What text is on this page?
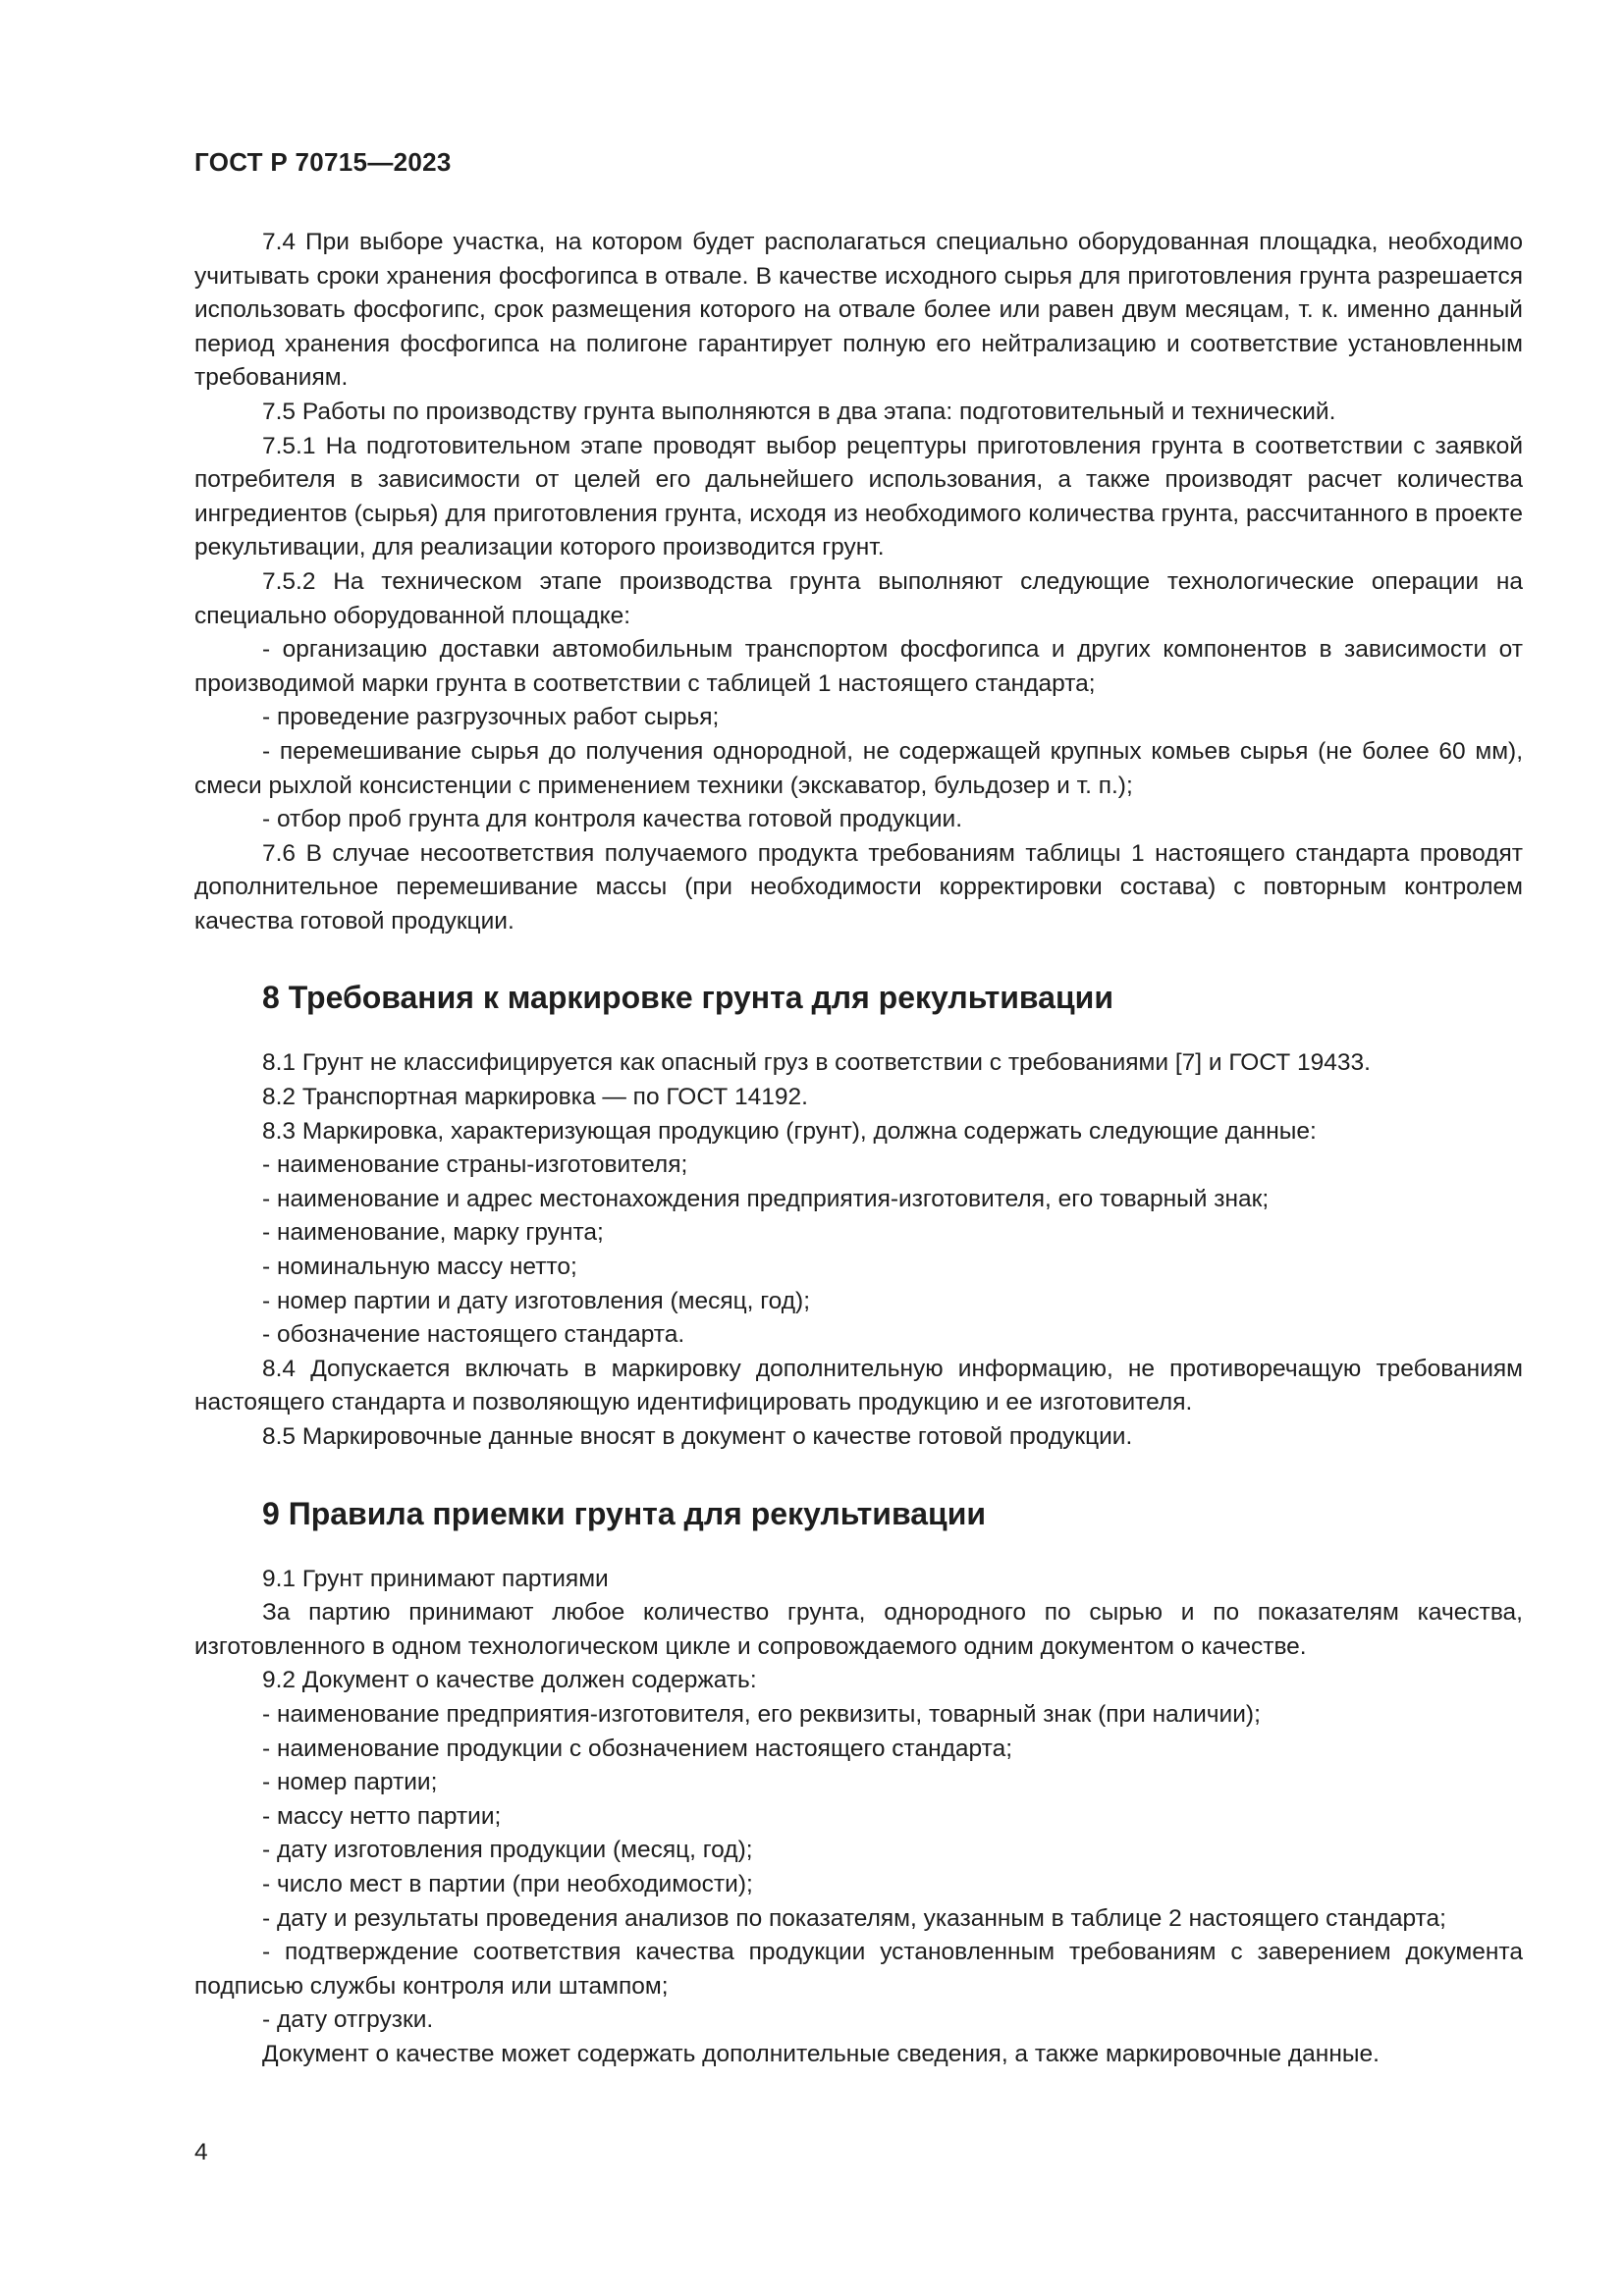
ГОСТ Р 70715—2023

7.4 При выборе участка, на котором будет располагаться специально оборудованная площадка, необходимо учитывать сроки хранения фосфогипса в отвале. В качестве исходного сырья для приготовления грунта разрешается использовать фосфогипс, срок размещения которого на отвале более или равен двум месяцам, т. к. именно данный период хранения фосфогипса на полигоне гарантирует полную его нейтрализацию и соответствие установленным требованиям.

7.5 Работы по производству грунта выполняются в два этапа: подготовительный и технический.

7.5.1 На подготовительном этапе проводят выбор рецептуры приготовления грунта в соответствии с заявкой потребителя в зависимости от целей его дальнейшего использования, а также производят расчет количества ингредиентов (сырья) для приготовления грунта, исходя из необходимого количества грунта, рассчитанного в проекте рекультивации, для реализации которого производится грунт.

7.5.2 На техническом этапе производства грунта выполняют следующие технологические операции на специально оборудованной площадке:

- организацию доставки автомобильным транспортом фосфогипса и других компонентов в зависимости от производимой марки грунта в соответствии с таблицей 1 настоящего стандарта;

- проведение разгрузочных работ сырья;

- перемешивание сырья до получения однородной, не содержащей крупных комьев сырья (не более 60 мм), смеси рыхлой консистенции с применением техники (экскаватор, бульдозер и т. п.);

- отбор проб грунта для контроля качества готовой продукции.

7.6 В случае несоответствия получаемого продукта требованиям таблицы 1 настоящего стандарта проводят дополнительное перемешивание массы (при необходимости корректировки состава) с повторным контролем качества готовой продукции.

8 Требования к маркировке грунта для рекультивации

8.1 Грунт не классифицируется как опасный груз в соответствии с требованиями [7] и ГОСТ 19433.

8.2 Транспортная маркировка — по ГОСТ 14192.

8.3 Маркировка, характеризующая продукцию (грунт), должна содержать следующие данные:

- наименование страны-изготовителя;

- наименование и адрес местонахождения предприятия-изготовителя, его товарный знак;

- наименование, марку грунта;

- номинальную массу нетто;

- номер партии и дату изготовления (месяц, год);

- обозначение настоящего стандарта.

8.4 Допускается включать в маркировку дополнительную информацию, не противоречащую требованиям настоящего стандарта и позволяющую идентифицировать продукцию и ее изготовителя.

8.5 Маркировочные данные вносят в документ о качестве готовой продукции.

9 Правила приемки грунта для рекультивации

9.1 Грунт принимают партиями

За партию принимают любое количество грунта, однородного по сырью и по показателям качества, изготовленного в одном технологическом цикле и сопровождаемого одним документом о качестве.

9.2 Документ о качестве должен содержать:

- наименование предприятия-изготовителя, его реквизиты, товарный знак (при наличии);

- наименование продукции с обозначением настоящего стандарта;

- номер партии;

- массу нетто партии;

- дату изготовления продукции (месяц, год);

- число мест в партии (при необходимости);

- дату и результаты проведения анализов по показателям, указанным в таблице 2 настоящего стандарта;

- подтверждение соответствия качества продукции установленным требованиям с заверением документа подписью службы контроля или штампом;

- дату отгрузки.

Документ о качестве может содержать дополнительные сведения, а также маркировочные данные.

4
